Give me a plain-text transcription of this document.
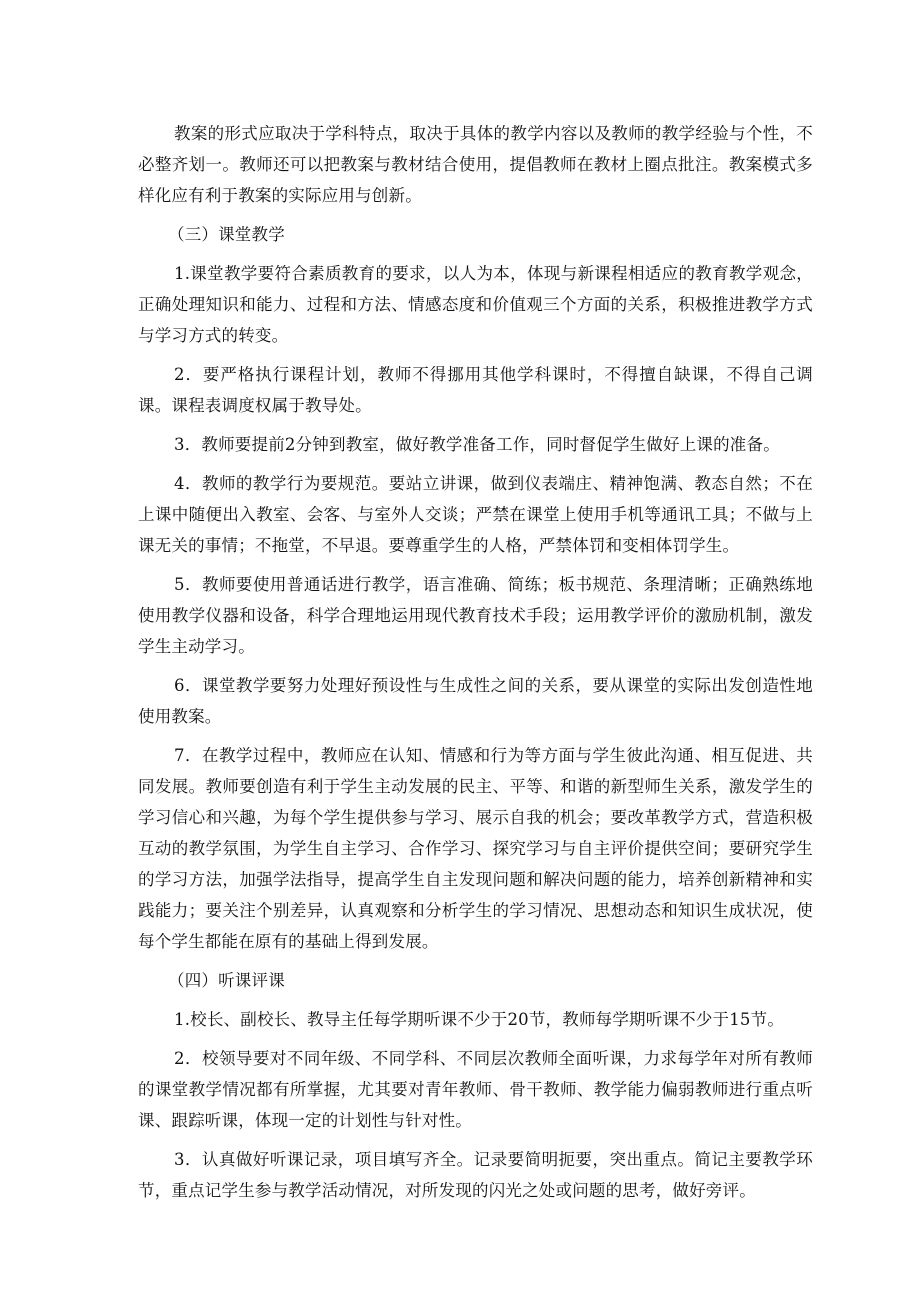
教案的形式应取决于学科特点，取决于具体的教学内容以及教师的教学经验与个性，不必整齐划一。教师还可以把教案与教材结合使用，提倡教师在教材上圈点批注。教案模式多样化应有利于教案的实际应用与创新。

（三）课堂教学

1.课堂教学要符合素质教育的要求，以人为本，体现与新课程相适应的教育教学观念，正确处理知识和能力、过程和方法、情感态度和价值观三个方面的关系，积极推进教学方式与学习方式的转变。

2．要严格执行课程计划，教师不得挪用其他学科课时，不得擅自缺课，不得自己调课。课程表调度权属于教导处。

3．教师要提前2分钟到教室，做好教学准备工作，同时督促学生做好上课的准备。

4．教师的教学行为要规范。要站立讲课，做到仪表端庄、精神饱满、教态自然；不在上课中随便出入教室、会客、与室外人交谈；严禁在课堂上使用手机等通讯工具；不做与上课无关的事情；不拖堂，不早退。要尊重学生的人格，严禁体罚和变相体罚学生。

5．教师要使用普通话进行教学，语言准确、简练；板书规范、条理清晰；正确熟练地使用教学仪器和设备，科学合理地运用现代教育技术手段；运用教学评价的激励机制，激发学生主动学习。

6．课堂教学要努力处理好预设性与生成性之间的关系，要从课堂的实际出发创造性地使用教案。

7．在教学过程中，教师应在认知、情感和行为等方面与学生彼此沟通、相互促进、共同发展。教师要创造有利于学生主动发展的民主、平等、和谐的新型师生关系，激发学生的学习信心和兴趣，为每个学生提供参与学习、展示自我的机会；要改革教学方式，营造积极互动的教学氛围，为学生自主学习、合作学习、探究学习与自主评价提供空间；要研究学生的学习方法，加强学法指导，提高学生自主发现问题和解决问题的能力，培养创新精神和实践能力；要关注个别差异，认真观察和分析学生的学习情况、思想动态和知识生成状况，使每个学生都能在原有的基础上得到发展。

（四）听课评课

1.校长、副校长、教导主任每学期听课不少于20节，教师每学期听课不少于15节。

2．校领导要对不同年级、不同学科、不同层次教师全面听课，力求每学年对所有教师的课堂教学情况都有所掌握，尤其要对青年教师、骨干教师、教学能力偏弱教师进行重点听课、跟踪听课，体现一定的计划性与针对性。

3．认真做好听课记录，项目填写齐全。记录要简明扼要，突出重点。简记主要教学环节，重点记学生参与教学活动情况，对所发现的闪光之处或问题的思考，做好旁评。
